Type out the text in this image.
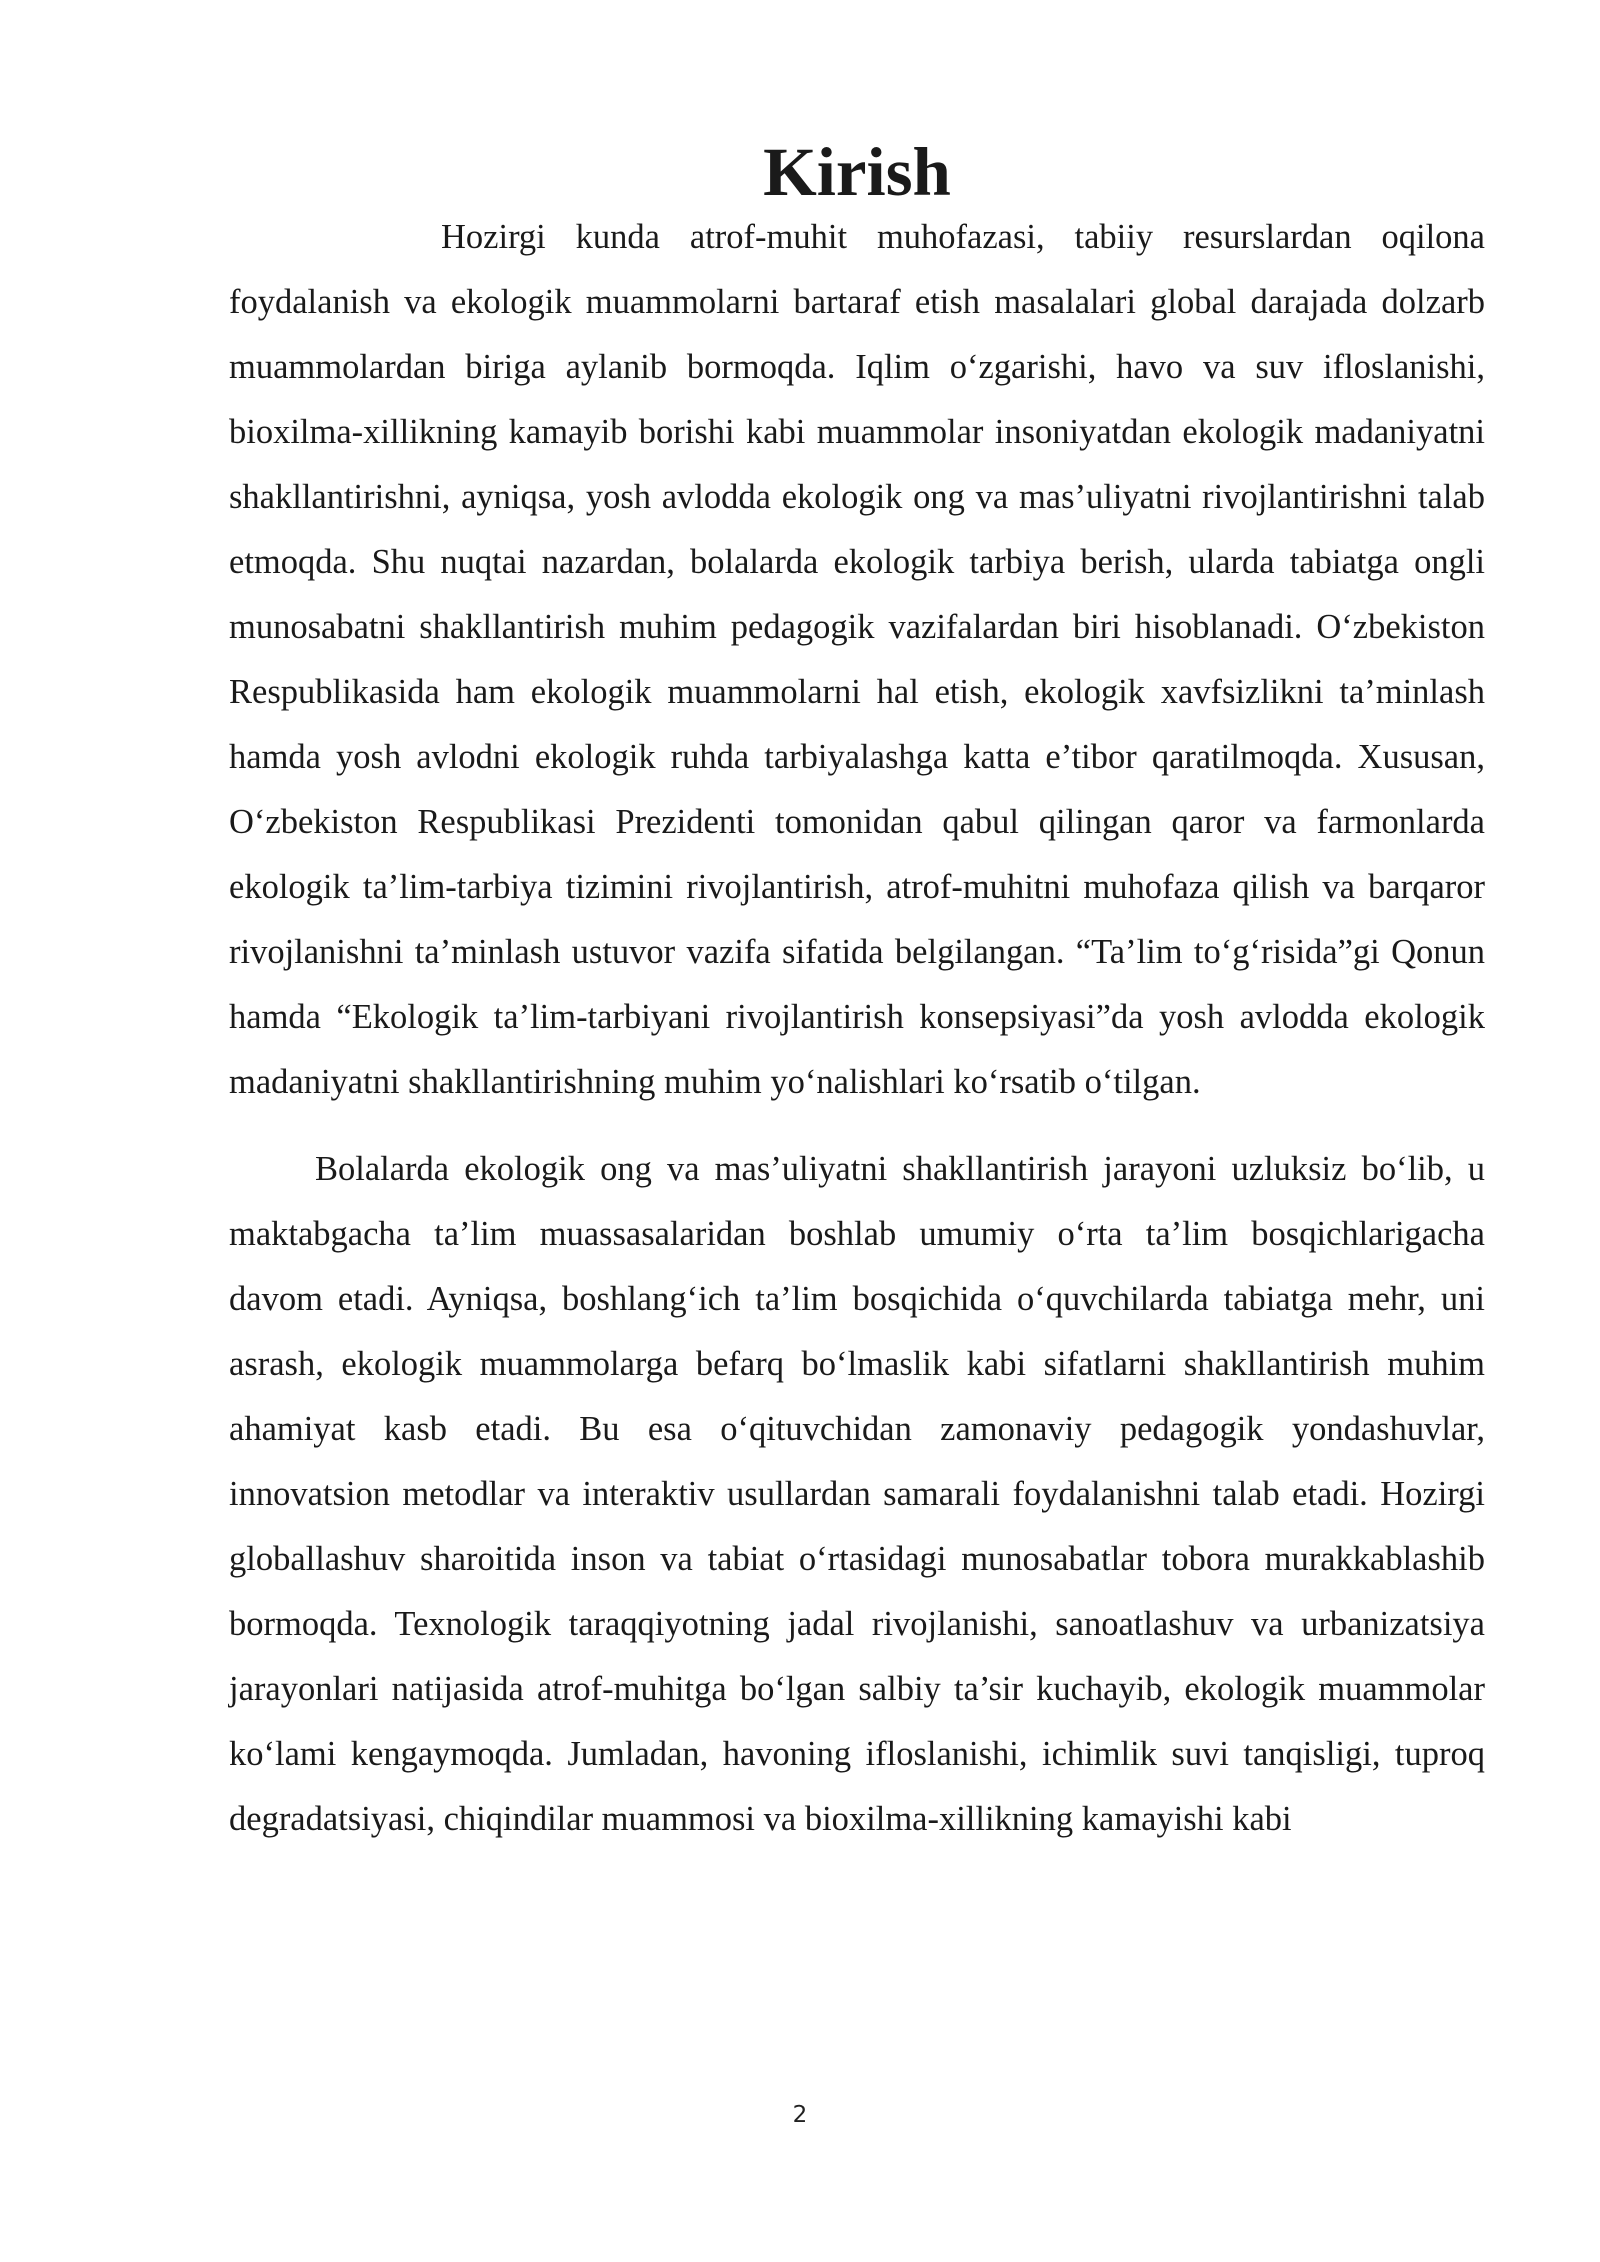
Kirish

Hozirgi kunda atrof-muhit muhofazasi, tabiiy resurslardan oqilona foydalanish va ekologik muammolarni bartaraf etish masalalari global darajada dolzarb muammolardan biriga aylanib bormoqda. Iqlim o‘zgarishi, havo va suv ifloslanishi, bioxilma-xillikning kamayib borishi kabi muammolar insoniyatdan ekologik madaniyatni shakllantirishni, ayniqsa, yosh avlodda ekologik ong va mas’uliyatni rivojlantirishni talab etmoqda. Shu nuqtai nazardan, bolalarda ekologik tarbiya berish, ularda tabiatga ongli munosabatni shakllantirish muhim pedagogik vazifalardan biri hisoblanadi. O‘zbekiston Respublikasida ham ekologik muammolarni hal etish, ekologik xavfsizlikni ta’minlash hamda yosh avlodni ekologik ruhda tarbiyalashga katta e’tibor qaratilmoqda. Xususan, O‘zbekiston Respublikasi Prezidenti tomonidan qabul qilingan qaror va farmonlarda ekologik ta’lim-tarbiya tizimini rivojlantirish, atrof-muhitni muhofaza qilish va barqaror rivojlanishni ta’minlash ustuvor vazifa sifatida belgilangan. “Ta’lim to‘g‘risida”gi Qonun hamda “Ekologik ta’lim-tarbiyani rivojlantirish konsepsiyasi”da yosh avlodda ekologik madaniyatni shakllantirishning muhim yo‘nalishlari ko‘rsatib o‘tilgan.

Bolalarda ekologik ong va mas’uliyatni shakllantirish jarayoni uzluksiz bo‘lib, u maktabgacha ta’lim muassasalaridan boshlab umumiy o‘rta ta’lim bosqichlarigacha davom etadi. Ayniqsa, boshlang‘ich ta’lim bosqichida o‘quvchilarda tabiatga mehr, uni asrash, ekologik muammolarga befarq bo‘lmaslik kabi sifatlarni shakllantirish muhim ahamiyat kasb etadi. Bu esa o‘qituvchidan zamonaviy pedagogik yondashuvlar, innovatsion metodlar va interaktiv usullardan samarali foydalanishni talab etadi. Hozirgi globallashuv sharoitida inson va tabiat o‘rtasidagi munosabatlar tobora murakkablashib bormoqda. Texnologik taraqqiyotning jadal rivojlanishi, sanoatlashuv va urbanizatsiya jarayonlari natijasida atrof-muhitga bo‘lgan salbiy ta’sir kuchayib, ekologik muammolar ko‘lami kengaymoqda. Jumladan, havoning ifloslanishi, ichimlik suvi tanqisligi, tuproq degradatsiyasi, chiqindilar muammosi va bioxilma-xillikning kamayishi kabi

2
